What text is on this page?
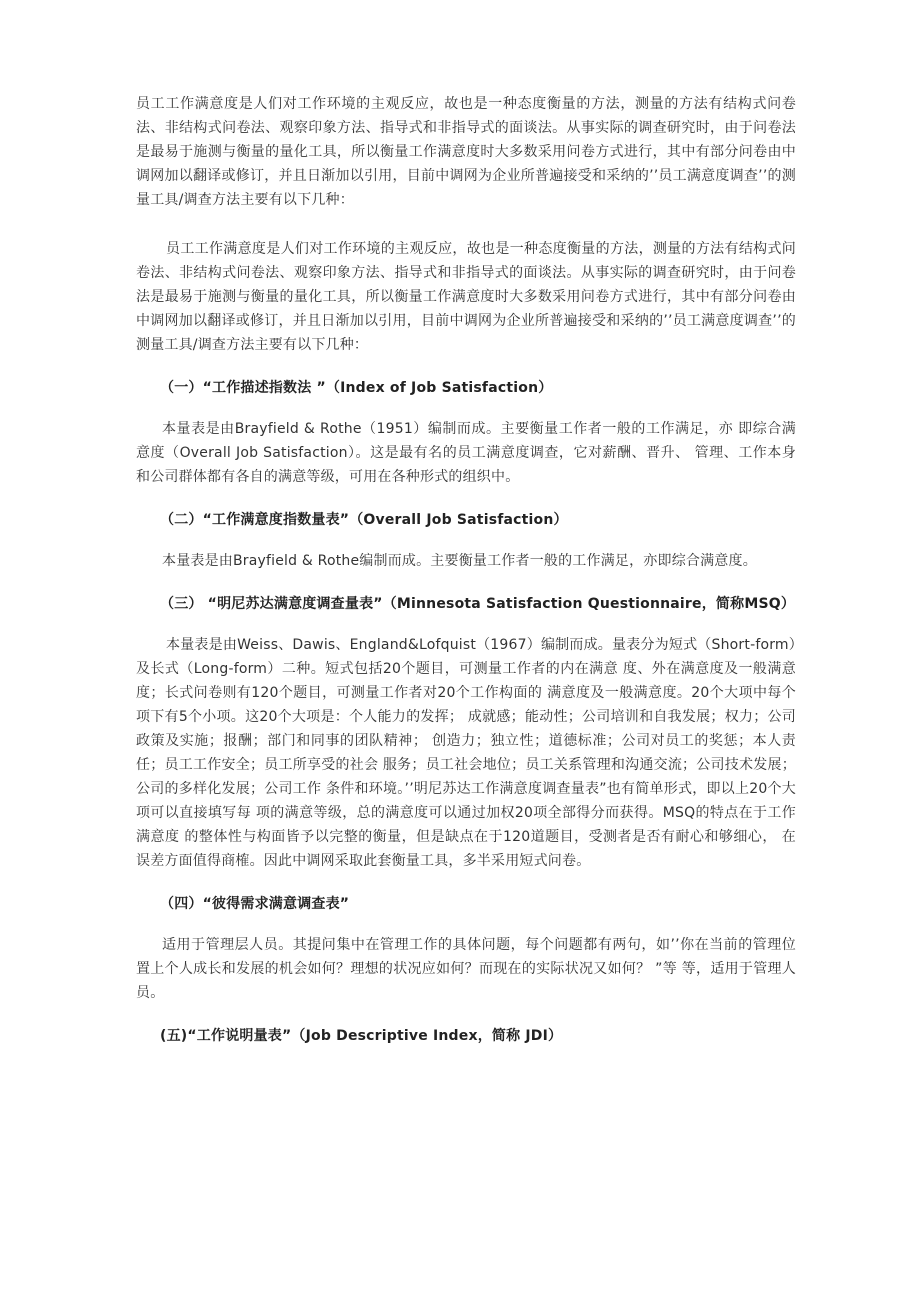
员工工作满意度是人们对工作环境的主观反应，故也是一种态度衡量的方法，测量的方法有结构式问卷法、非结构式问卷法、观察印象方法、指导式和非指导式的面谈法。从事实际的调查研究时，由于问卷法是最易于施测与衡量的量化工具，所以衡量工作满意度时大多数采用问卷方式进行，其中有部分问卷由中调网加以翻译或修订，并且日渐加以引用，目前中调网为企业所普遍接受和采纳的’’员工满意度调查’’的测量工具/调查方法主要有以下几种：

员工工作满意度是人们对工作环境的主观反应，故也是一种态度衡量的方法，测量的方法有结构式问卷法、非结构式问卷法、观察印象方法、指导式和非指导式的面谈法。从事实际的调查研究时，由于问卷法是最易于施测与衡量的量化工具，所以衡量工作满意度时大多数采用问卷方式进行，其中有部分问卷由中调网加以翻译或修订，并且日渐加以引用，目前中调网为企业所普遍接受和采纳的’’员工满意度调查’’的测量工具/调查方法主要有以下几种：

（一）“工作描述指数法 ”（Index of Job Satisfaction）

本量表是由Brayfield & Rothe（1951）编制而成。主要衡量工作者一般的工作满足，亦 即综合满意度（Overall Job Satisfaction）。这是最有名的员工满意度调查，它对薪酬、晋升、 管理、工作本身和公司群体都有各自的满意等级，可用在各种形式的组织中。

（二）“工作满意度指数量表”（Overall Job Satisfaction）

本量表是由Brayfield & Rothe编制而成。主要衡量工作者一般的工作满足，亦即综合满意度。

（三） “明尼苏达满意度调查量表”（Minnesota Satisfaction Questionnaire，简称MSQ）

本量表是由Weiss、Dawis、England&Lofquist（1967）编制而成。量表分为短式（Short-form）及长式（Long-form）二种。短式包括20个题目，可测量工作者的内在满意 度、外在满意度及一般满意度；长式问卷则有120个题目，可测量工作者对20个工作构面的 满意度及一般满意度。20个大项中每个项下有5个小项。这20个大项是：个人能力的发挥； 成就感；能动性；公司培训和自我发展；权力；公司政策及实施；报酬；部门和同事的团队精神； 创造力；独立性；道德标准；公司对员工的奖惩；本人责任；员工工作安全；员工所享受的社会 服务；员工社会地位；员工关系管理和沟通交流；公司技术发展；公司的多样化发展；公司工作 条件和环境。’’明尼苏达工作满意度调查量表”也有简单形式，即以上20个大项可以直接填写每 项的满意等级，总的满意度可以通过加权20项全部得分而获得。MSQ的特点在于工作满意度 的整体性与构面皆予以完整的衡量，但是缺点在于120道题目，受测者是否有耐心和够细心， 在误差方面值得商榷。因此中调网采取此套衡量工具，多半采用短式问卷。

（四）“彼得需求满意调查表”

适用于管理层人员。其提问集中在管理工作的具体问题，每个问题都有两句，如’’你在当前的管理位置上个人成长和发展的机会如何？理想的状况应如何？而现在的实际状况又如何？ ”等 等，适用于管理人员。

(五)“工作说明量表”（Job Descriptive Index，简称 JDI）
